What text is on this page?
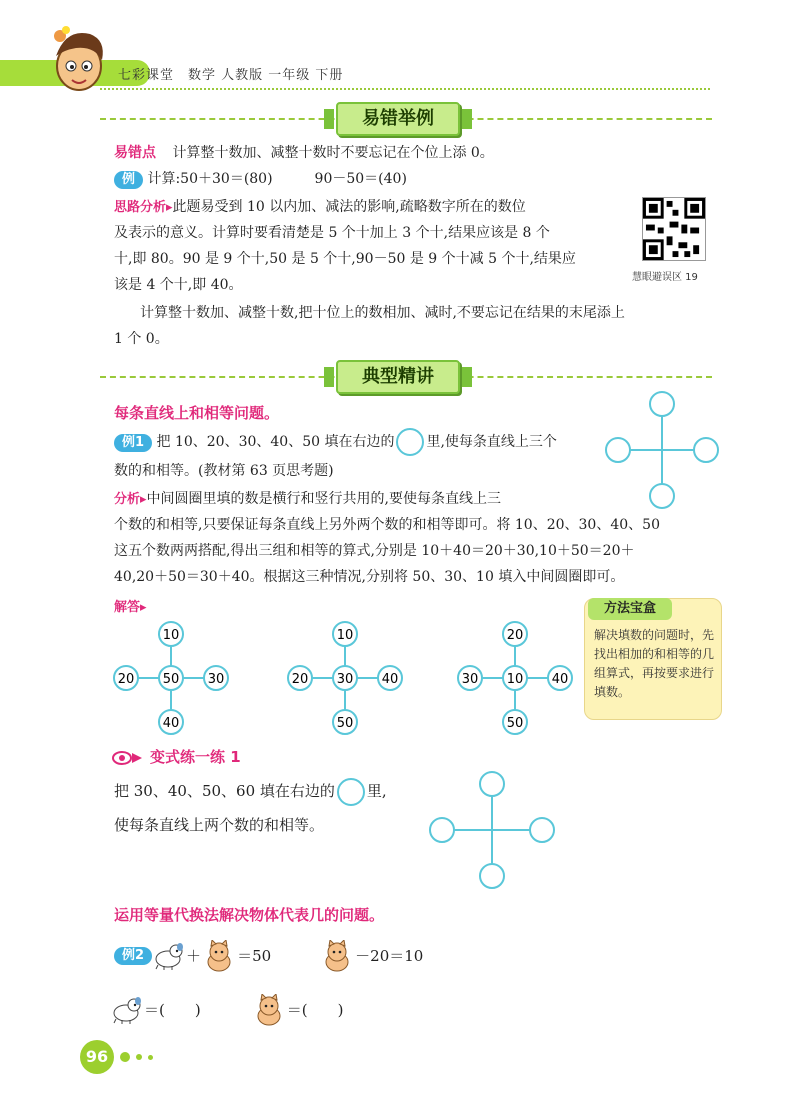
七彩课堂　数学 人教版 一年级 下册
易错举例
易错点 计算整十数加、减整十数时不要忘记在个位上添 0。
例 计算:50＋30＝(80)　　　90－50＝(40)
思路分析▸此题易受到 10 以内加、减法的影响,疏略数字所在的数位
及表示的意义。计算时要看清楚是 5 个十加上 3 个十,结果应该是 8 个
十,即 80。90 是 9 个十,50 是 5 个十,90－50 是 9 个十减 5 个十,结果应
该是 4 个十,即 40。
计算整十数加、减整十数,把十位上的数相加、减时,不要忘记在结果的末尾添上
1 个 0。
慧眼避误区 19
典型精讲
每条直线上和相等问题。
例1 把 10、20、30、40、50 填在右边的 里,使每条直线上三个
数的和相等。(教材第 63 页思考题)
分析▸中间圆圈里填的数是横行和竖行共用的,要使每条直线上三
个数的和相等,只要保证每条直线上另外两个数的和相等即可。将 10、20、30、40、50
这五个数两两搭配,得出三组和相等的算式,分别是 10＋40＝20＋30,10＋50＝20＋
40,20＋50＝30＋40。根据这三种情况,分别将 50、30、10 填入中间圆圈即可。
解答▸
10
20 50 30
40
10
20 30 40
50
20
30 10 40
50
方法宝盒
解决填数的问题时，先找出相加的和相等的几组算式，再按要求进行填数。
变式练一练 1
把 30、40、50、60 填在右边的 里,
使每条直线上两个数的和相等。
运用等量代换法解决物体代表几的问题。
例2	＋ ＝50	－20＝10
＝(　　)	＝(　　)
96
